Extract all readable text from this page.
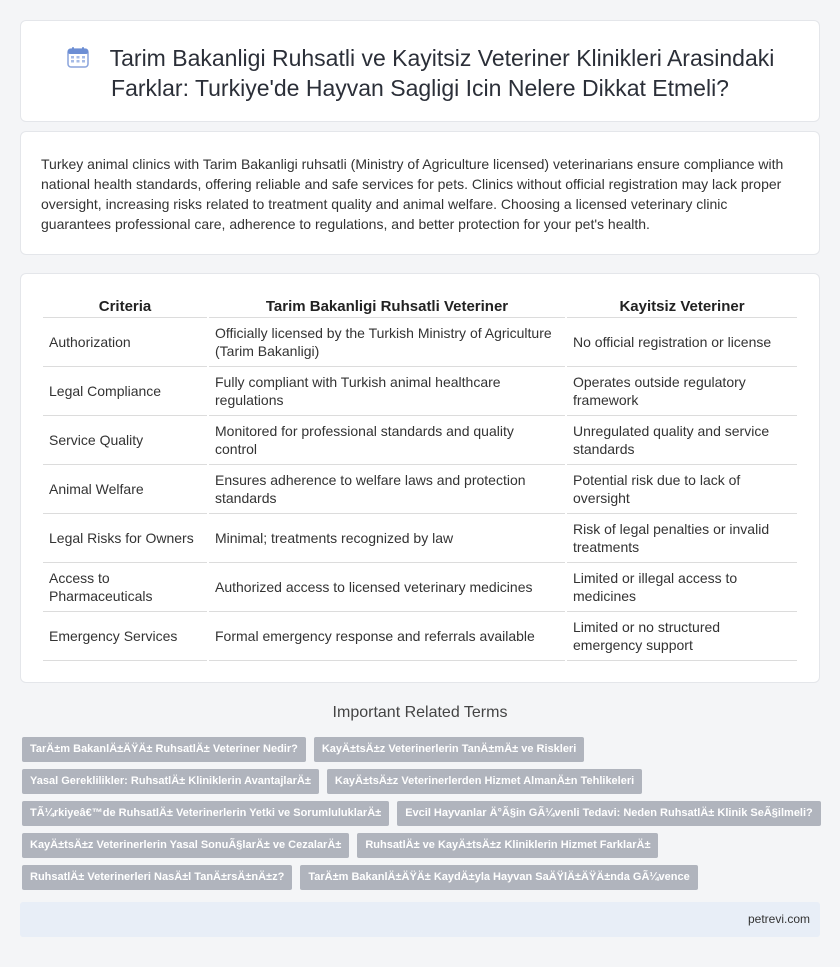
Tarim Bakanligi Ruhsatli ve Kayitsiz Veteriner Klinikleri Arasindaki
Farklar: Turkiye'de Hayvan Sagligi Icin Nelere Dikkat Etmeli?

Turkey animal clinics with Tarim Bakanligi ruhsatli (Ministry of Agriculture licensed) veterinarians ensure compliance with national health standards, offering reliable and safe services for pets. Clinics without official registration may lack proper oversight, increasing risks related to treatment quality and animal welfare. Choosing a licensed veterinary clinic guarantees professional care, adherence to regulations, and better protection for your pet's health.

Criteria	Tarim Bakanligi Ruhsatli Veteriner	Kayitsiz Veteriner
Authorization	Officially licensed by the Turkish Ministry of Agriculture (Tarim Bakanligi)	No official registration or license
Legal Compliance	Fully compliant with Turkish animal healthcare regulations	Operates outside regulatory framework
Service Quality	Monitored for professional standards and quality control	Unregulated quality and service standards
Animal Welfare	Ensures adherence to welfare laws and protection standards	Potential risk due to lack of oversight
Legal Risks for Owners	Minimal; treatments recognized by law	Risk of legal penalties or invalid treatments
Access to Pharmaceuticals	Authorized access to licensed veterinary medicines	Limited or illegal access to medicines
Emergency Services	Formal emergency response and referrals available	Limited or no structured emergency support
Important Related Terms
TarÄ±m BakanlÄ±ÄŸÄ± RuhsatlÄ± Veteriner Nedir?	KayÄ±tsÄ±z Veterinerlerin TanÄ±mÄ± ve Riskleri
Yasal Gereklilikler: RuhsatlÄ± Kliniklerin AvantajlarÄ±	KayÄ±tsÄ±z Veterinerlerden Hizmet AlmanÄ±n Tehlikeleri
TÃ¼rkiyeâ€™de RuhsatlÄ± Veterinerlerin Yetki ve SorumluluklarÄ±	Evcil Hayvanlar Ä°Ã§in GÃ¼venli Tedavi: Neden RuhsatlÄ± Klinik SeÃ§ilmeli?
KayÄ±tsÄ±z Veterinerlerin Yasal SonuÃ§larÄ± ve CezalarÄ±	RuhsatlÄ± ve KayÄ±tsÄ±z Kliniklerin Hizmet FarklarÄ±
RuhsatlÄ± Veterinerleri NasÄ±l TanÄ±rsÄ±nÄ±z?	TarÄ±m BakanlÄ±ÄŸÄ± KaydÄ±yla Hayvan SaÄŸlÄ±ÄŸÄ±nda GÃ¼vence
petrevi.com
